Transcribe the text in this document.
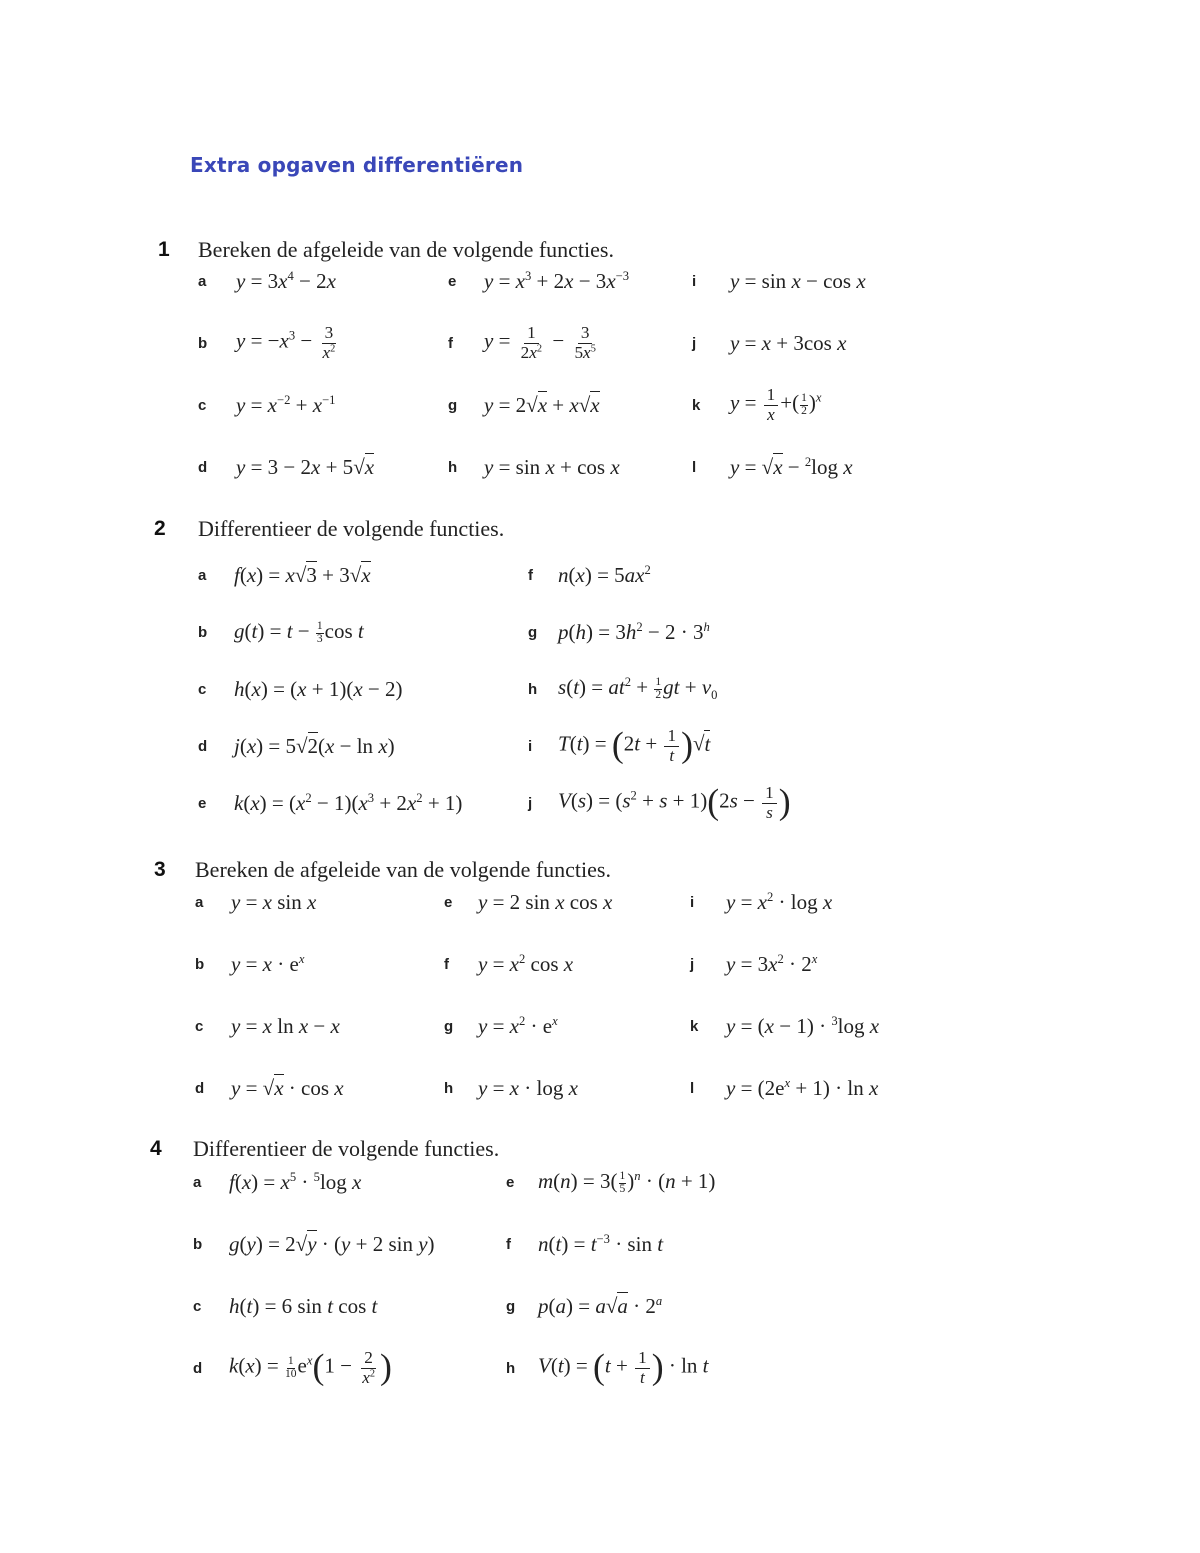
Extra opgaven differentiëren
1 Bereken de afgeleide van de volgende functies.
a	$y = 3x^4 - 2x$
b	$y = -x^3 - \frac{3}{x^2}$
c	$y = x^{-2} + x^{-1}$
d	y = 3 − 2x + 5√x
e	$y = x^3 + 2x - 3x^{-3}$
f	$y = \frac{1}{2x^2} - \frac{3}{5x^5}$
g	y = 2√x + x√x
h	y = sin x + cos x
i	y = sin x − cos x
j	y = x + 3cos x
k	$y = \frac{1}{x}$ +( $\frac{1}{2} )^x$
l	y = √x − $^2$log x
2 Differentieer de volgende functies.
a	f(x) = x√3 + 3√x
b	$g(t) = t - \frac{1}{3}$ cos t
c	h(x) = (x + 1)(x − 2)
d	j(x) = 5√2(x − ln x)
e	$k(x) = (x^2 - 1)(x^3 + 2x^2 + 1)$
f	$n(x) = 5ax^2$
g $p(h) = 3h^2 - 2 \cdot 3^h$
h $s(t) = at^2 + \frac{1}{2}$ gt + $v_0$
i	$T(t) = (2t + \frac{1}{t} )√t$
j	$V(s) = (s^2 + s + 1)(2s - \frac{1}{s}$ )
3 Bereken de afgeleide van de volgende functies.
a	y = x sin x
b	$y = x \cdot e^x$
c	y = x ln x − x
d	y = √x · cos x
e	y = 2 sin x cos x
f	$y = x^2$ cos x
g	$y = x^2 \cdot e^x$
h	y = x · log x
i	$y = x^2 \cdot \log x$
j	$y = 3x^2 \cdot 2^x$
k	y = (x − 1) · $^3$log x
l	$y = (2e^x + 1) \cdot \ln x$
4 Differentieer de volgende functies.
a	$f(x) = x^5 \cdot ^5\log$ x
b	g(y) = 2√y · (y + 2 sin y)
c	h(t) = 6 sin t cos t
d	$k(x) = \frac{1}{10} e^x(1 - \frac{2}{x^2}$ )
e	$m(n) = 3( \frac{1}{5} )^n \cdot (n + 1)$
f	$n(t) = t^{-3} \cdot \sin t$
g	$p(a) = a√a \cdot 2^a$
h	$V(t) = (t + \frac{1}{t}$ ) · ln t
